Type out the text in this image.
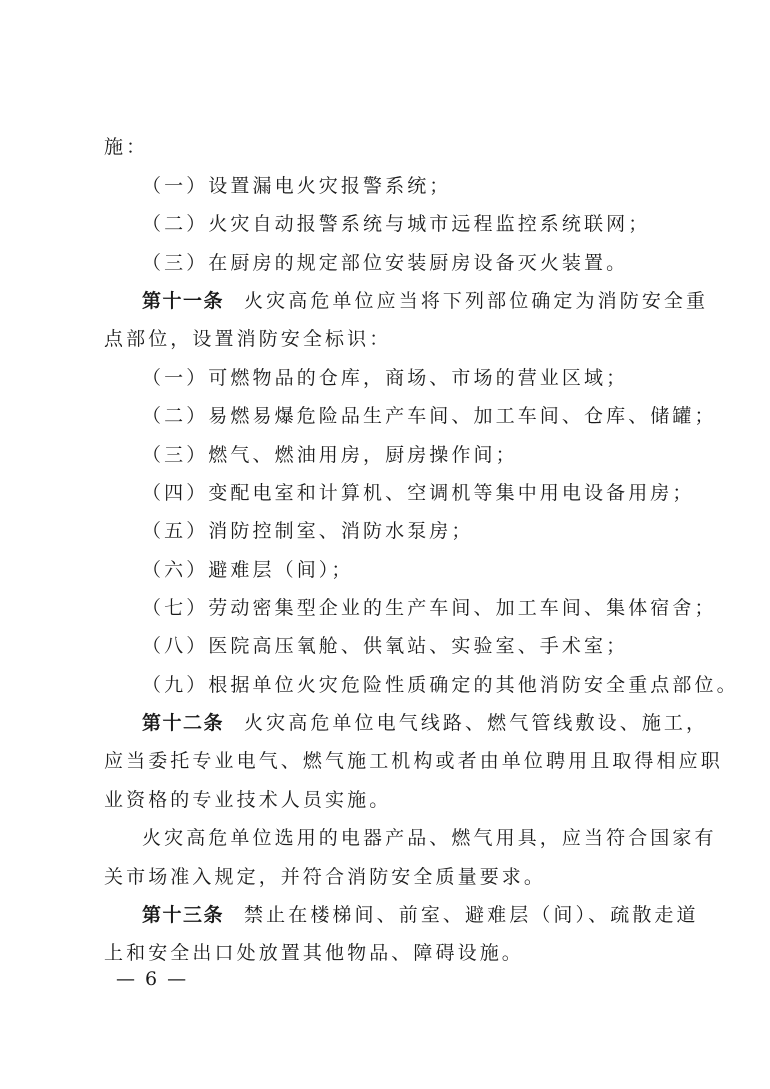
施：
（一）设置漏电火灾报警系统；
（二）火灾自动报警系统与城市远程监控系统联网；
（三）在厨房的规定部位安装厨房设备灭火装置。
第十一条 火灾高危单位应当将下列部位确定为消防安全重
点部位，设置消防安全标识：
（一）可燃物品的仓库，商场、市场的营业区域；
（二）易燃易爆危险品生产车间、加工车间、仓库、储罐；
（三）燃气、燃油用房，厨房操作间；
（四）变配电室和计算机、空调机等集中用电设备用房；
（五）消防控制室、消防水泵房；
（六）避难层（间）；
（七）劳动密集型企业的生产车间、加工车间、集体宿舍；
（八）医院高压氧舱、供氧站、实验室、手术室；
（九）根据单位火灾危险性质确定的其他消防安全重点部位。
第十二条 火灾高危单位电气线路、燃气管线敷设、施工，
应当委托专业电气、燃气施工机构或者由单位聘用且取得相应职
业资格的专业技术人员实施。
火灾高危单位选用的电器产品、燃气用具，应当符合国家有
关市场准入规定，并符合消防安全质量要求。
第十三条 禁止在楼梯间、前室、避难层（间）、疏散走道
上和安全出口处放置其他物品、障碍设施。
— 6 —
